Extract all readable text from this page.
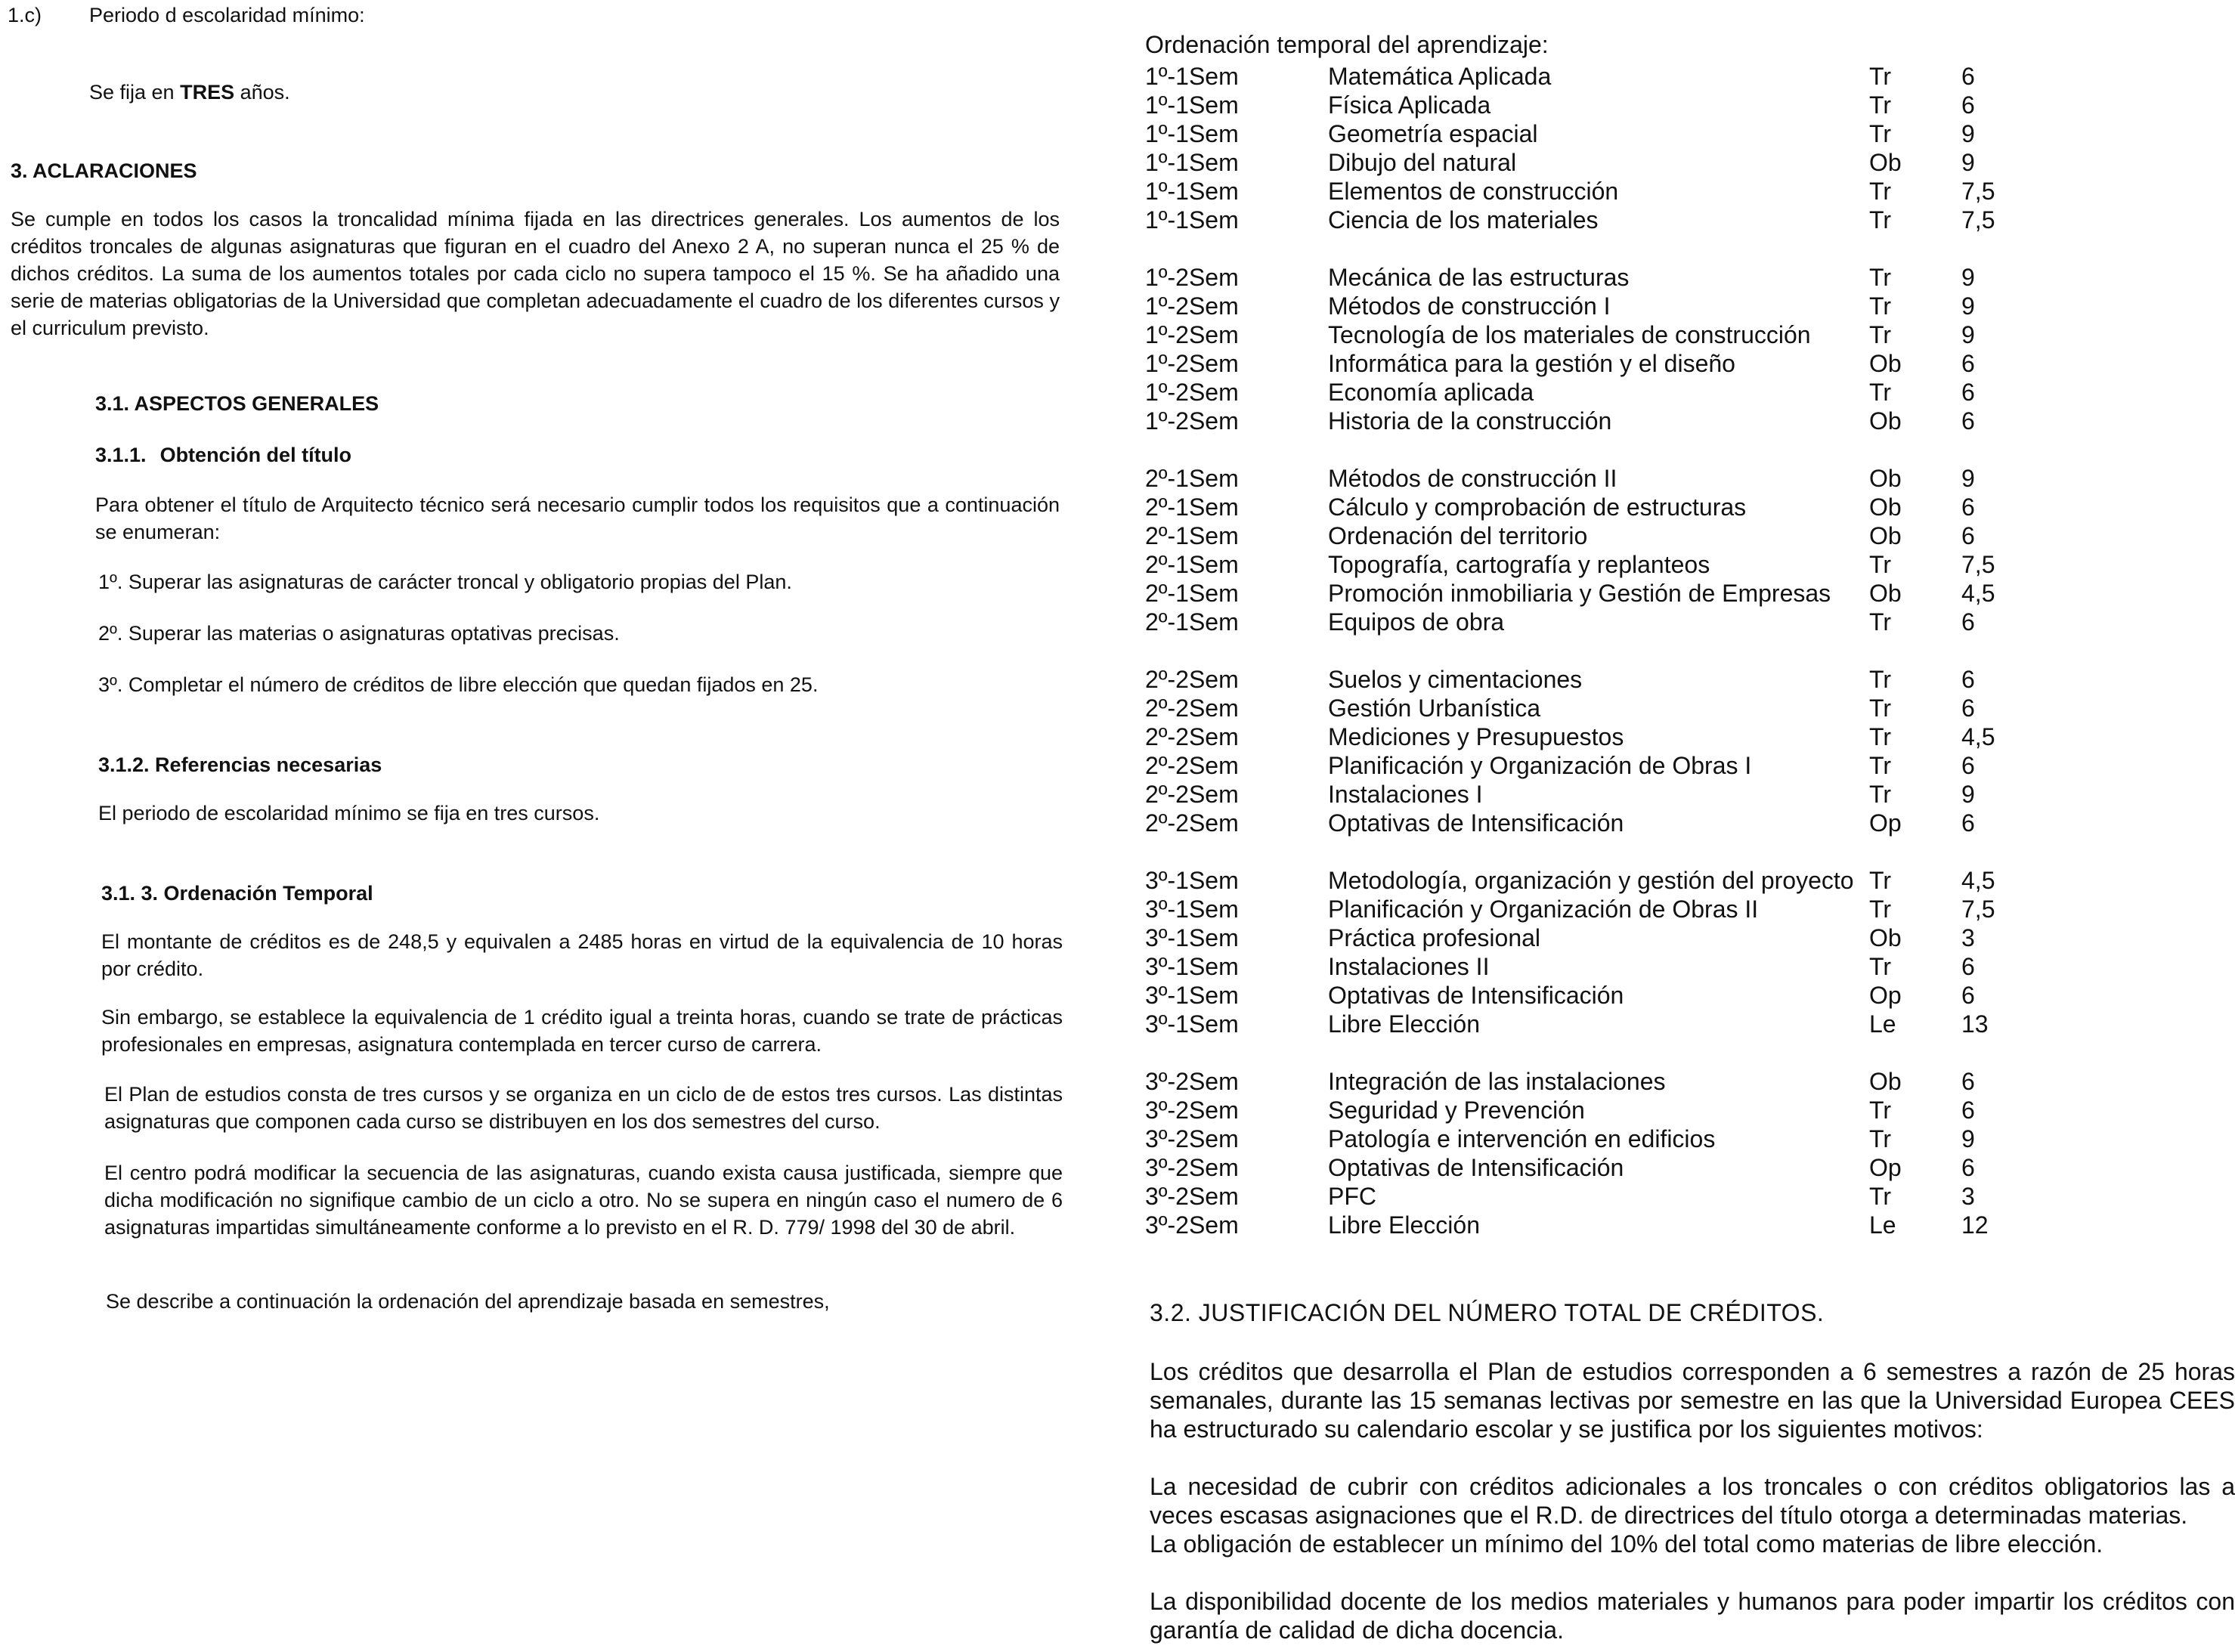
1.c) Periodo d escolaridad mínimo:

Se fija en TRES años.

3. ACLARACIONES

Se cumple en todos los casos la troncalidad mínima fijada en las directrices generales. Los aumentos de los créditos troncales de algunas asignaturas que figuran en el cuadro del Anexo 2 A, no superan nunca el 25 % de dichos créditos. La suma de los aumentos totales por cada ciclo no supera tampoco el 15 %. Se ha añadido una serie de materias obligatorias de la Universidad que completan adecuadamente el cuadro de los diferentes cursos y el curriculum previsto.

3.1. ASPECTOS GENERALES

3.1.1. Obtención del título

Para obtener el título de Arquitecto técnico será necesario cumplir todos los requisitos que a continuación se enumeran:

1º. Superar las asignaturas de carácter troncal y obligatorio propias del Plan.

2º. Superar las materias o asignaturas optativas precisas.

3º. Completar el número de créditos de libre elección que quedan fijados en 25.

3.1.2. Referencias necesarias

El periodo de escolaridad mínimo se fija en tres cursos.

3.1. 3. Ordenación Temporal

El montante de créditos es de 248,5 y equivalen a 2485 horas en virtud de la equivalencia de 10 horas por crédito.

Sin embargo, se establece la equivalencia de 1 crédito igual a treinta horas, cuando se trate de prácticas profesionales en empresas, asignatura contemplada en tercer curso de carrera.

El Plan de estudios consta de tres cursos y se organiza en un ciclo de de estos tres cursos. Las distintas asignaturas que componen cada curso se distribuyen en los dos semestres del curso.

El centro podrá modificar la secuencia de las asignaturas, cuando exista causa justificada, siempre que dicha modificación no signifique cambio de un ciclo a otro. No se supera en ningún caso el numero de 6 asignaturas impartidas simultáneamente conforme a lo previsto en el R. D. 779/ 1998 del 30 de abril.

Se describe a continuación la ordenación del aprendizaje basada en semestres,

Ordenación temporal del aprendizaje:

1º-1Sem	Matemática Aplicada	Tr	6
1º-1Sem	Física Aplicada	Tr	6
1º-1Sem	Geometría espacial	Tr	9
1º-1Sem	Dibujo del natural	Ob 9
1º-1Sem	Elementos de construcción	Tr	7,5
1º-1Sem	Ciencia de los materiales	Tr	7,5
1º-2Sem	Mecánica de las estructuras	Tr	9
1º-2Sem	Métodos de construcción I	Tr	9
1º-2Sem	Tecnología de los materiales de construcción Tr	9
1º-2Sem	Informática para la gestión y el diseño	Ob 6
1º-2Sem	Economía aplicada	Tr	6
1º-2Sem	Historia de la construcción	Ob 6
2º-1Sem	Métodos de construcción II	Ob 9
2º-1Sem	Cálculo y comprobación de estructuras	Ob 6
2º-1Sem	Ordenación del territorio	Ob 6
2º-1Sem	Topografía, cartografía y replanteos	Tr	7,5
2º-1Sem	Promoción inmobiliaria y Gestión de Empresas Ob 4,5
2º-1Sem	Equipos de obra	Tr	6
2º-2Sem	Suelos y cimentaciones	Tr	6
2º-2Sem	Gestión Urbanística	Tr	6
2º-2Sem	Mediciones y Presupuestos	Tr	4,5
2º-2Sem	Planificación y Organización de Obras I	Tr	6
2º-2Sem	Instalaciones I	Tr	9
2º-2Sem	Optativas de Intensificación	Op 6
3º-1Sem	Metodología, organización y gestión del proyecto Tr	4,5
3º-1Sem	Planificación y Organización de Obras II	Tr	7,5
3º-1Sem	Práctica profesional	Ob 3
3º-1Sem	Instalaciones II	Tr	6
3º-1Sem	Optativas de Intensificación	Op 6
3º-1Sem	Libre Elección	Le	13
3º-2Sem	Integración de las instalaciones	Ob 6
3º-2Sem	Seguridad y Prevención	Tr	6
3º-2Sem	Patología e intervención en edificios	Tr	9
3º-2Sem	Optativas de Intensificación	Op 6
3º-2Sem	PFC	Tr	3
3º-2Sem	Libre Elección	Le	12

3.2. JUSTIFICACIÓN DEL NÚMERO TOTAL DE CRÉDITOS.

Los créditos que desarrolla el Plan de estudios corresponden a 6 semestres a razón de 25 horas semanales, durante las 15 semanas lectivas por semestre en las que la Universidad Europea CEES ha estructurado su calendario escolar y se justifica por los siguientes motivos:

La necesidad de cubrir con créditos adicionales a los troncales o con créditos obligatorios las a veces escasas asignaciones que el R.D. de directrices del título otorga a determinadas materias.
La obligación de establecer un mínimo del 10% del total como materias de libre elección.

La disponibilidad docente de los medios materiales y humanos para poder impartir los créditos con garantía de calidad de dicha docencia.
